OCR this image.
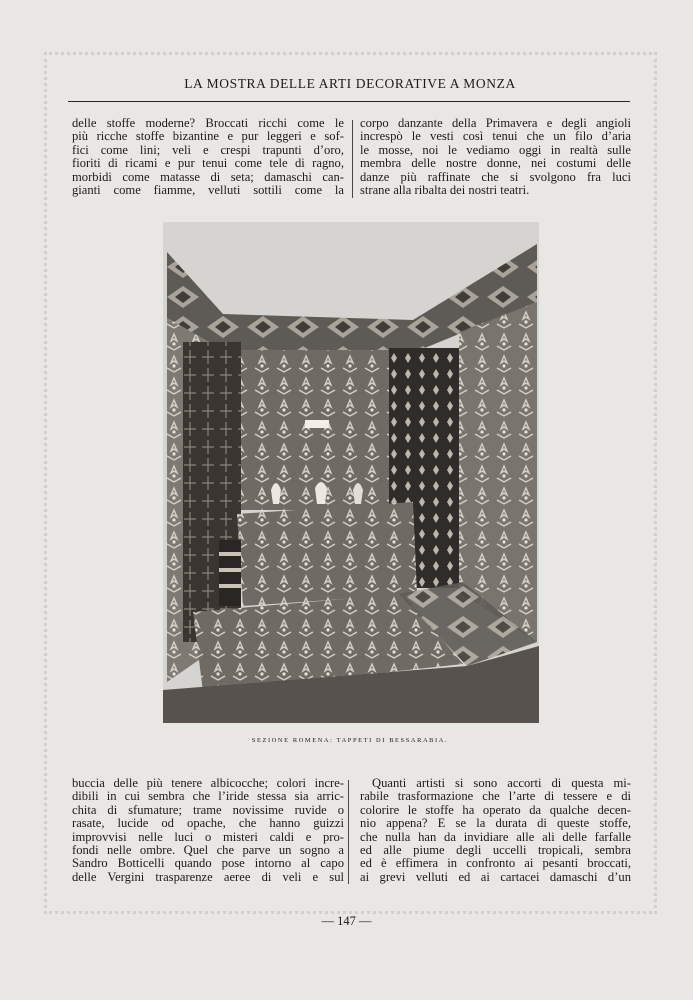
LA MOSTRA DELLE ARTI DECORATIVE A MONZA
delle stoffe moderne? Broccati ricchi come le
più ricche stoffe bizantine e pur leggeri e sof-
fici come lini; veli e crespi trapunti d’oro,
fioriti di ricami e pur tenui come tele di ragno,
morbidi come matasse di seta; damaschi can-
gianti come fiamme, velluti sottili come la
corpo danzante della Primavera e degli angioli
increspò le vesti così tenui che un filo d’aria
le mosse, noi le vediamo oggi in realtà sulle
membra delle nostre donne, nei costumi delle
danze più raffinate che si svolgono fra luci
strane alla ribalta dei nostri teatri.
SEZIONE ROMENA: TAPPETI DI BESSARABIA.
buccia delle più tenere albicocche; colori incre-
dibili in cui sembra che l’iride stessa sia arric-
chita di sfumature; trame novissime ruvide o
rasate, lucide od opache, che hanno guizzi
improvvisi nelle luci o misteri caldi e pro-
fondi nelle ombre. Quel che parve un sogno a
Sandro Botticelli quando pose intorno al capo
delle Vergini trasparenze aeree di veli e sul
Quanti artisti si sono accorti di questa mi-
rabile trasformazione che l’arte di tessere e di
colorire le stoffe ha operato da qualche decen-
nio appena? E se la durata di queste stoffe,
che nulla han da invidiare alle ali delle farfalle
ed alle piume degli uccelli tropicali, sembra
ed è effimera in confronto ai pesanti broccati,
ai grevi velluti ed ai cartacei damaschi d’un
— 147 —
